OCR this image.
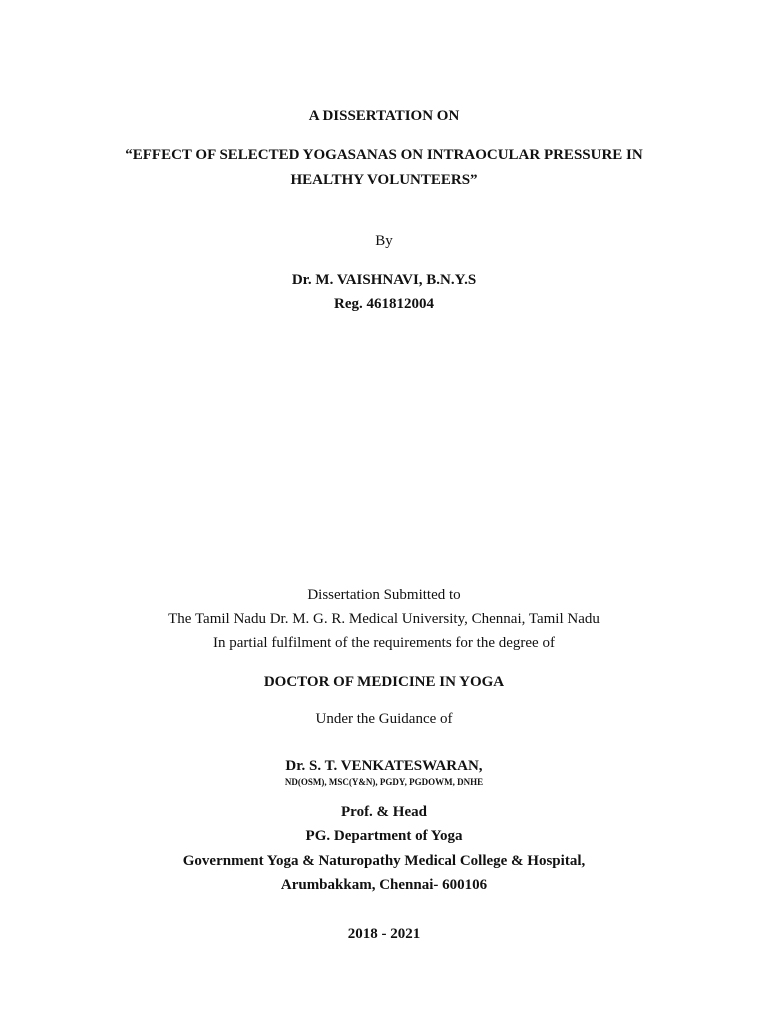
A DISSERTATION ON
“EFFECT OF SELECTED YOGASANAS ON INTRAOCULAR PRESSURE IN
HEALTHY VOLUNTEERS”
By
Dr. M. VAISHNAVI, B.N.Y.S
Reg. 461812004
Dissertation Submitted to
The Tamil Nadu Dr. M. G. R. Medical University, Chennai, Tamil Nadu
In partial fulfilment of the requirements for the degree of
DOCTOR OF MEDICINE IN YOGA
Under the Guidance of
Dr. S. T. VENKATESWARAN,
ND(OSM), MSC(Y&N), PGDY, PGDOWM, DNHE
Prof. & Head
PG. Department of Yoga
Government Yoga & Naturopathy Medical College & Hospital,
Arumbakkam, Chennai- 600106
2018 - 2021
